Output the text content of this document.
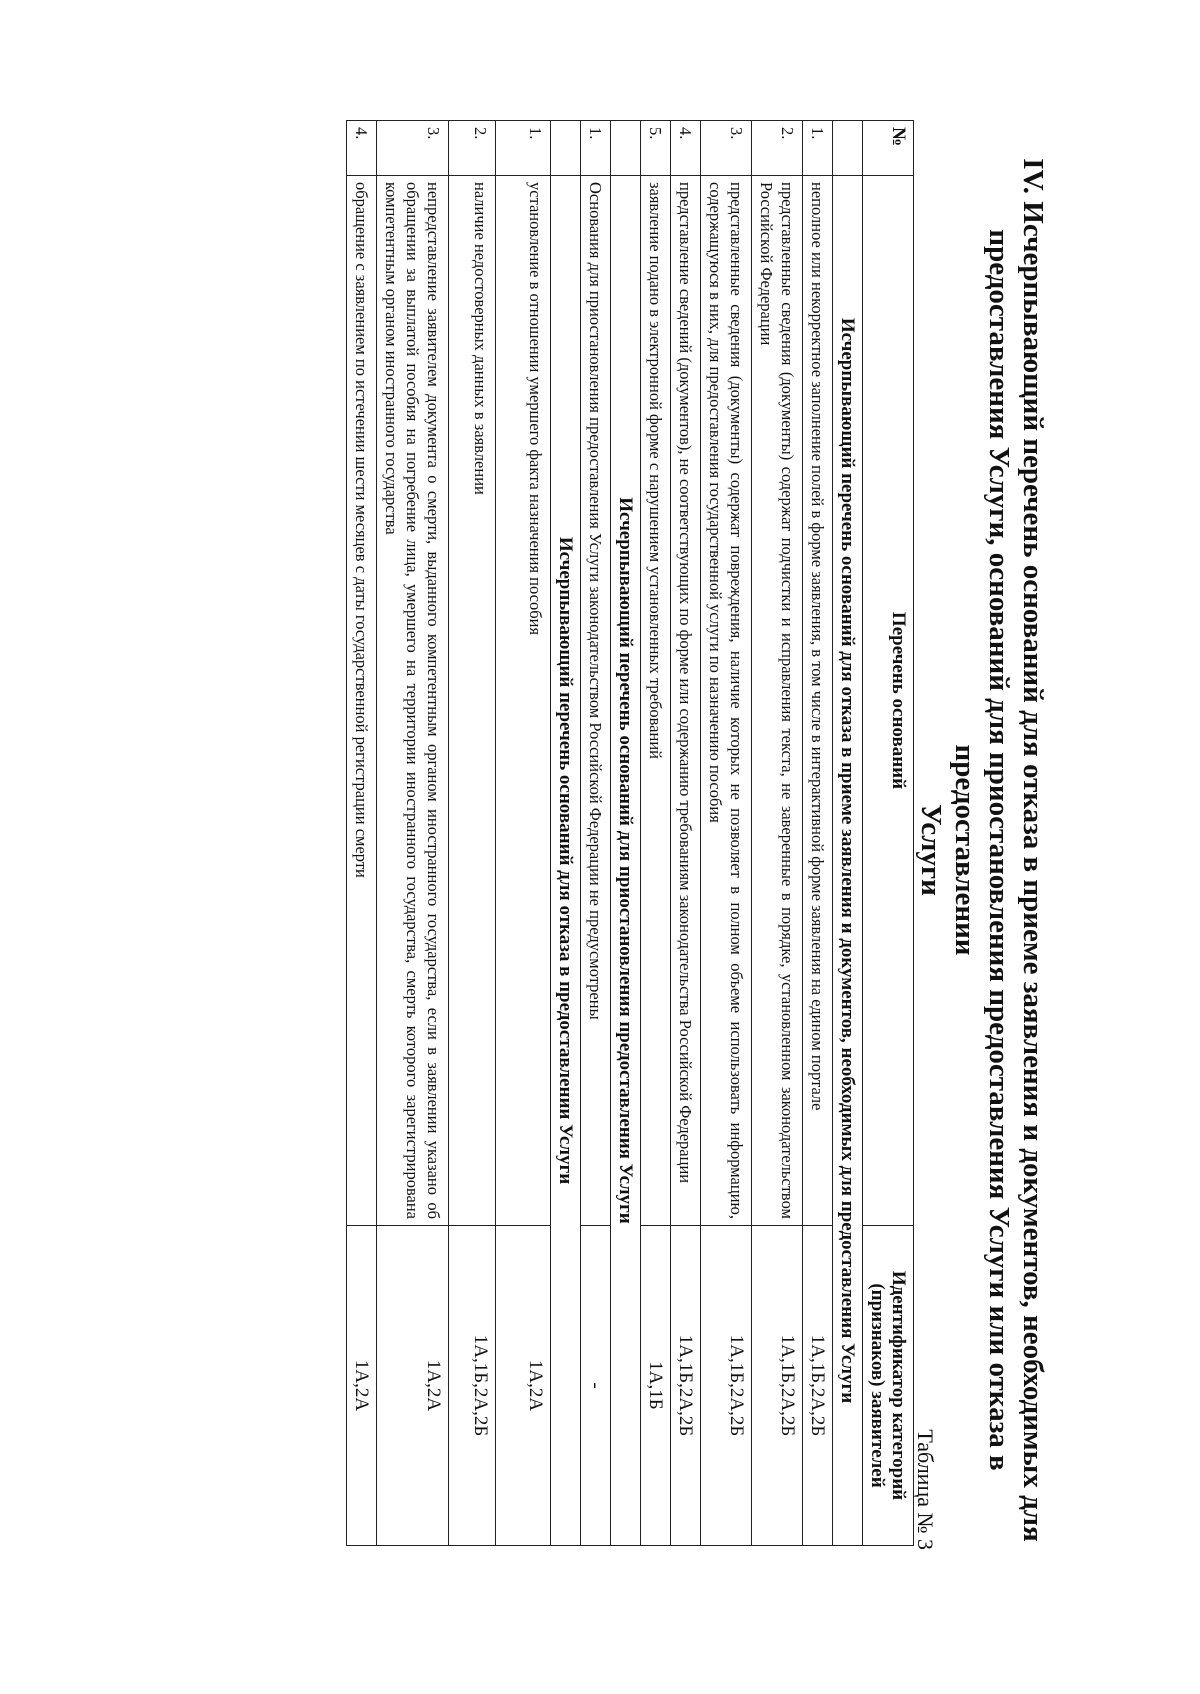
IV. Исчерпывающий перечень оснований для отказа в приеме заявления и документов, необходимых для
предоставления Услуги, оснований для приостановления предоставления Услуги или отказа в предоставлении
Услуги
Таблица № 3
№	Перечень оснований	Идентификатор категорий (признаков) заявителей
	Исчерпывающий перечень оснований для отказа в приеме заявления и документов, необходимых для предоставления Услуги	
1.	неполное или некорректное заполнение полей в форме заявления, в том числе в интерактивной форме заявления на едином портале	1А,1Б,2А,2Б
2.	представленные сведения (документы) содержат подчистки и исправления текста, не заверенные в порядке, установленном законодательством Российской Федерации	1А,1Б,2А,2Б
3.	представленные сведения (документы) содержат повреждения, наличие которых не позволяет в полном объеме использовать информацию, содержащуюся в них, для предоставления государственной услуги по назначению пособия	1А,1Б,2А,2Б
4.	представление сведений (документов), не соответствующих по форме или содержанию требованиям законодательства Российской Федерации	1А,1Б,2А,2Б
5.	заявление подано в электронной форме с нарушением установленных требований	1А,1Б
	Исчерпывающий перечень оснований для приостановления предоставления Услуги	
1.	Основания для приостановления предоставления Услуги законодательством Российской Федерации не предусмотрены	-
	Исчерпывающий перечень оснований для отказа в предоставлении Услуги	
1.	установление в отношении умершего факта назначения пособия	1А,2А
2.	наличие недостоверных данных в заявлении	1А,1Б,2А,2Б
3.	непредставление заявителем документа о смерти, выданного компетентным органом иностранного государства, если в заявлении указано об обращении за выплатой пособия на погребение лица, умершего на территории иностранного государства, смерть которого зарегистрирована компетентным органом иностранного государства	1А,2А
4.	обращение с заявлением по истечении шести месяцев с даты государственной регистрации смерти	1А,2А
